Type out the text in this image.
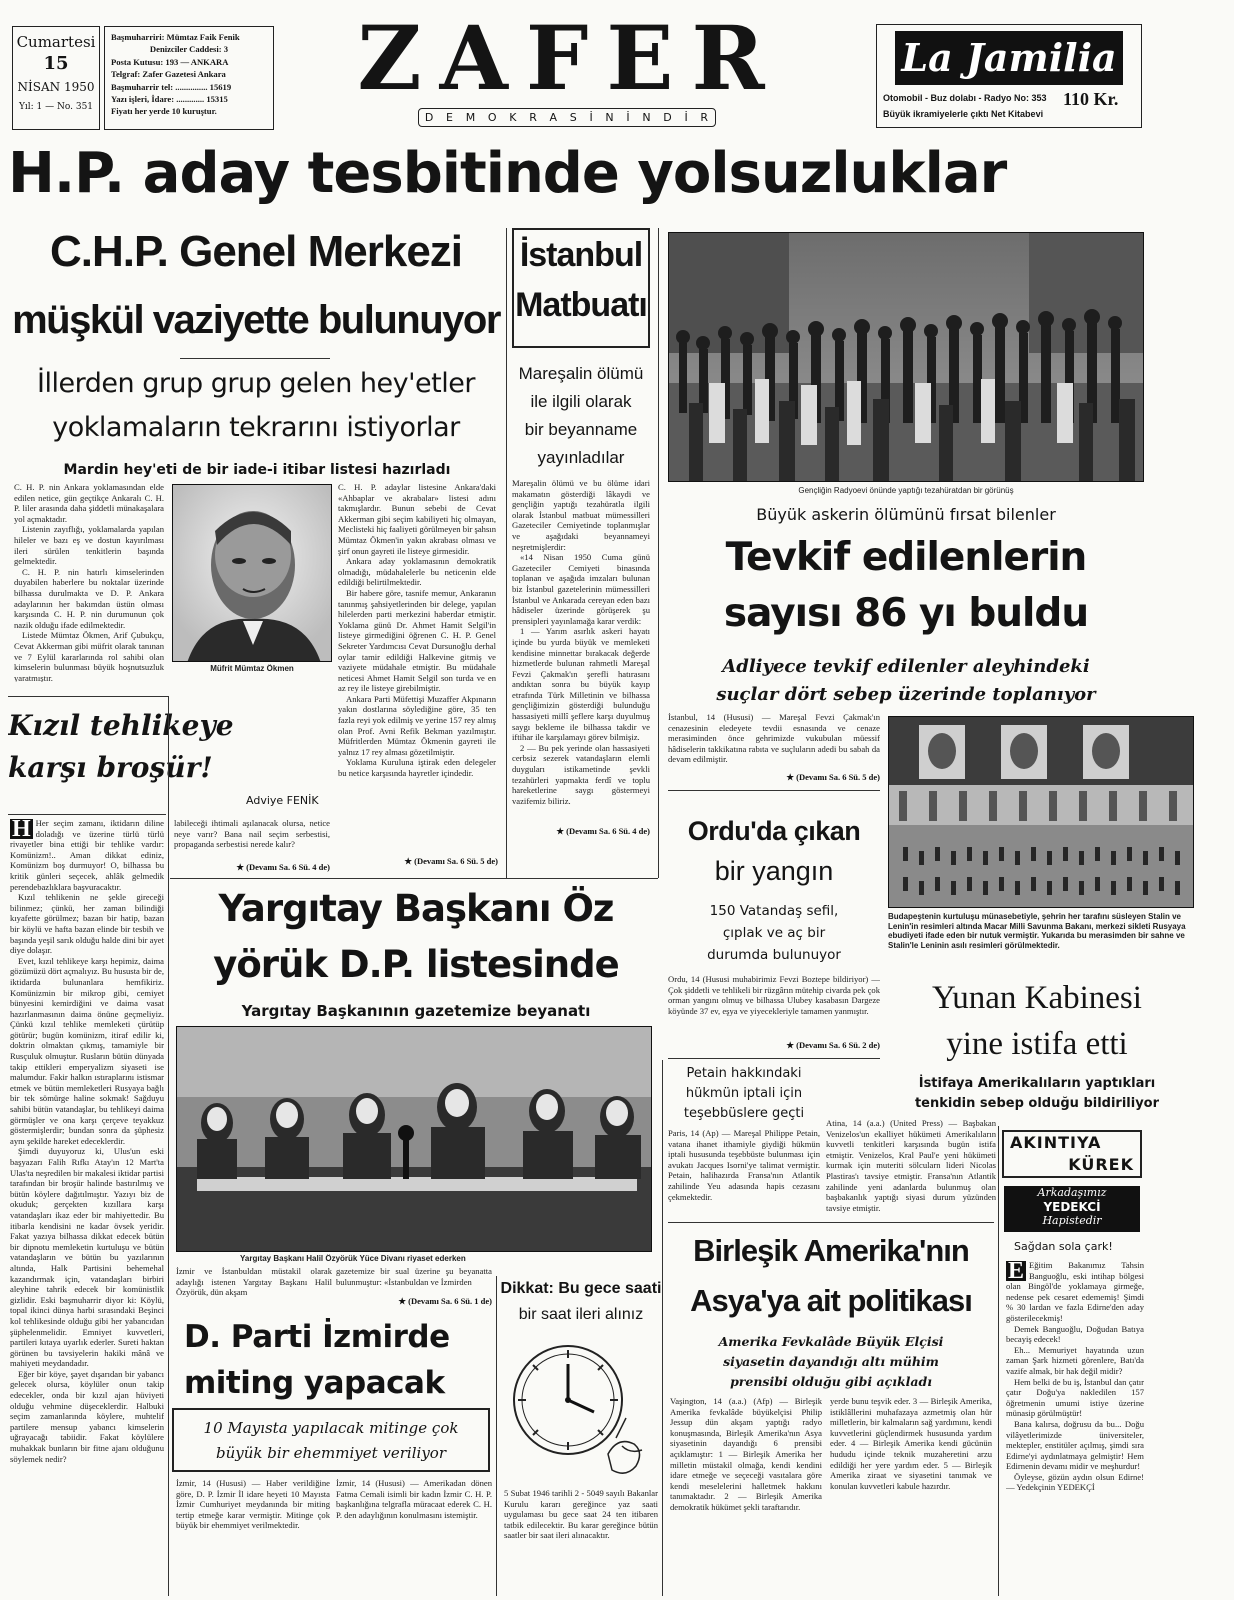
Cumartesi
15
NİSAN 1950
Yıl: 1 — No. 351
Başmuharriri: Mümtaz Faik Fenik
Denizciler Caddesi: 3
Posta Kutusu: 193 — ANKARA
Telgraf: Zafer Gazetesi Ankara
Başmuharrir tel: ............... 15619
Yazı işleri, İdare: ............. 15315
Fiyatı her yerde 10 kuruştur.
ZAFER
D E M O K R A S İ N İ N D İ R
La Jamilia
Otomobil - Buz dolabı - Radyo No: 353 110 Kr.
Büyük ikramiyelerle çıktı Net Kitabevi
H.P. aday tesbitinde yolsuzluklar
C.H.P. Genel Merkezi
müşkül vaziyette bulunuyor
İllerden grup grup gelen hey'etler
yoklamaların tekrarını istiyorlar
Mardin hey'eti de bir iade-i itibar listesi hazırladı

C. H. P. nin Ankara yoklamasından elde edilen netice, gün geçtikçe Ankaralı C. H. P. liler arasında daha şiddetli münakaşalara yol açmaktadır.

Listenin zayıflığı, yoklamalarda yapılan hileler ve bazı eş ve dostun kayırılması ileri sürülen tenkitlerin başında gelmektedir.

C. H. P. nin hatırlı kimselerinden duyabilen haberlere bu noktalar üzerinde bilhassa durulmakta ve D. P. Ankara adaylarının her bakımdan üstün olması karşısında C. H. P. nin durumunun çok nazik olduğu ifade edilmektedir.

Listede Mümtaz Ökmen, Arif Çubukçu, Cevat Akkerman gibi müfrit olarak tanınan ve 7 Eylül kararlarında rol sahibi olan kimselerin bulunması büyük hoşnutsuzluk yaratmıştır.

Müfrit Mümtaz Ökmen

C. H. P. adaylar listesine Ankara'daki «Ahbaplar ve akrabalar» listesi adını takmışlardır. Bunun sebebi de Cevat Akkerman gibi seçim kabiliyeti hiç olmayan, Meclisteki hiç faaliyeti görülmeyen bir şahsın Mümtaz Ökmen'in yakın akrabası olması ve şirf onun gayreti ile listeye girmesidir.

Ankara aday yoklamasının demokratik olmadığı, müdahalelerle bu neticenin elde edildiği belirtilmektedir.

Bir habere göre, tasnife memur, Ankaranın tanınmış şahsiyetlerinden bir delege, yapılan hilelerden parti merkezini haberdar etmiştir. Yoklama günü Dr. Ahmet Hamit Selgil'in listeye girmediğini öğrenen C. H. P. Genel Sekreter Yardımcısı Cevat Dursunoğlu derhal oylar tamir edildiği Halkevine gitmiş ve vaziyete müdahale etmiştir. Bu müdahale neticesi Ahmet Hamit Selgil son turda ve en az rey ile listeye girebilmiştir.

Ankara Parti Müfettişi Muzaffer Akpınarın yakın dostlarına söylediğine göre, 35 ten fazla reyi yok edilmiş ve yerine 157 rey almış olan Prof. Avni Refik Bekman yazılmıştır. Müfritlerden Mümtaz Ökmenin gayreti ile yalnız 17 rey alması gözetilmiştir.

Yoklama Kuruluna iştirak eden delegeler bu netice karşısında hayretler içindedir.

★ (Devamı Sa. 6 Sü. 5 de)
İstanbul
Matbuatı
Mareşalin ölümü
ile ilgili olarak
bir beyanname
yayınladılar

Mareşalin ölümü ve bu ölüme idari makamatın gösterdiği lâkaydi ve gençliğin yaptığı tezahüratla ilgili olarak İstanbul matbuat mümessilleri Gazeteciler Cemiyetinde toplanmışlar ve aşağıdaki beyannameyi neşretmişlerdir:

«14 Nisan 1950 Cuma günü Gazeteciler Cemiyeti binasında toplanan ve aşağıda imzaları bulunan biz İstanbul gazetelerinin mümessilleri İstanbul ve Ankarada cereyan eden bazı hâdiseler üzerinde görüşerek şu prensipleri yayınlamağa karar verdik:

1 — Yarım asırlık askeri hayatı içinde bu yurda büyük ve memleketi kendisine minnettar bırakacak değerde hizmetlerde bulunan rahmetli Mareşal Fevzi Çakmak'ın şerefli hatırasını andıktan sonra bu büyük kayıp etrafında Türk Milletinin ve bilhassa gençliğimizin gösterdiği bulunduğu hassasiyeti millî şeflere karşı duyulmuş saygı bekleme ile bilhassa takdir ve iftihar ile karşılamayı görev bilmişiz.

2 — Bu pek yerinde olan hassasiyeti cerbsiz sezerek vatandaşların elemli duyguları istikametinde şevkli tezahürleri yapmakta ferdî ve toplu hareketlerine saygı göstermeyi vazifemiz biliriz.

★ (Devamı Sa. 6 Sü. 4 de)
Gençliğin Radyoevi önünde yaptığı tezahüratdan bir görünüş
Büyük askerin ölümünü fırsat bilenler
Tevkif edilenlerin
sayısı 86 yı buldu
Adliyece tevkif edilenler aleyhindeki
suçlar dört sebep üzerinde toplanıyor

İstanbul, 14 (Hususi) — Mareşal Fevzi Çakmak'ın cenazesinin eledeyete tevdii esnasında ve cenaze merasiminden önce gehrimizde vukubulan müessif hâdiselerin takkikatına rabıta ve suçluların adedi bu sabah da devam edilmiştir.

★ (Devamı Sa. 6 Sü. 5 de)
Budapeştenin kurtuluşu münasebetiyle, şehrin her tarafını süsleyen Stalin ve Lenin'in resimleri altında Macar Milli Savunma Bakanı, merkezi sikleti Rusyaya ebudiyeti ifade eden bir nutuk vermiştir. Yukarıda bu merasimden bir sahne ve Stalin'le Leninin asılı resimleri görülmektedir.
Ordu'da çıkan
bir yangın
150 Vatandaş sefil,
çıplak ve aç bir
durumda bulunuyor

Ordu, 14 (Hususi muhabirimiz Fevzi Boztepe bildiriyor) — Çok şiddetli ve tehlikeli bir rüzgârın mütehip civarda pek çok orman yangını olmuş ve bilhassa Ulubey kasabasın Dargeze köyünde 37 ev, eşya ve yiyecekleriyle tamamen yanmıştır.

★ (Devamı Sa. 6 Sü. 2 de)
Yunan Kabinesi
yine istifa etti
İstifaya Amerikalıların yaptıkları
tenkidin sebep olduğu bildiriliyor

Atina, 14 (a.a.) (United Press) — Başbakan Venizelos'un ekalliyet hükümeti Amerikalıların kuvvetli tenkitleri karşısında bugün istifa etmiştir. Venizelos, Kral Paul'e yeni hükümeti kurmak için muteriti sölcularn lideri Nicolas Plastiras'ı tavsiye etmiştir. Fransa'nın Atlantik zahilinde yeni adanlarda bulunmuş olan başbakanlık yaptığı siyasi durum yüzünden tavsiye etmiştir.

Petain hakkındaki
hükmün iptali için
teşebbüslere geçti

Paris, 14 (Ap) — Mareşal Philippe Petain, vatana ihanet ithamiyle giydiği hükmün iptali hususunda teşebbüste bulunması için avukatı Jacques Isorni'ye talimat vermiştir. Petain, halihazırda Fransa'nın Atlantik zahilinde Yeu adasında hapis cezasını çekmektedir.

AKINTIYA
KÜREK
Arkadaşımız
YEDEKCİ
Hapistedir
Sağdan sola çark!

E Eğitim Bakanımız Tahsin Banguoğlu, eski intihap bölgesi olan Bingöl'de yoklamaya girmeğe, nedense pek cesaret edememiş! Şimdi % 30 lardan ve fazla Edirne'den aday gösterilecekmiş!

Demek Banguoğlu, Doğudan Batıya becayiş edecek!

Eh... Memuriyet hayatında uzun zaman Şark hizmeti görenlere, Batı'da vazife almak, bir hak değil midir?

Hem belki de bu iş, İstanbul dan çatır çatır Doğu'ya nakledilen 157 öğretmenin umumi istiye üzerine münasip görülmüştür!

Bana kalırsa, doğrusu da bu... Doğu vilâyetlerimizde üniversiteler, mektepler, enstitüler açılmış, şimdi sıra Edirne'yi aydınlatmaya gelmiştir! Hem Edirnenin devamı midir ve meşhurdur!

Öyleyse, gözün aydın olsun Edirne! — Yedekçinin YEDEKÇİ

Birleşik Amerika'nın
Asya'ya ait politikası
Amerika Fevkalâde Büyük Elçisi
siyasetin dayandığı altı mühim
prensibi olduğu gibi açıkladı

Vaşington, 14 (a.a.) (Afp) — Birleşik Amerika fevkalâde büyükelçisi Philip Jessup dün akşam yaptığı radyo konuşmasında, Birleşik Amerika'nın Asya siyasetinin dayandığı 6 prensibi açıklamıştır: 1 — Birleşik Amerika her milletin müstakil olmağa, kendi kendini idare etmeğe ve seçeceği vasıtalara göre kendi meselelerini halletmek hakkını tanımaktadır. 2 — Birleşik Amerika demokratik hükümet şekli taraftarıdır.

yerde bunu teşvik eder. 3 — Birleşik Amerika, istiklâllerini muhafazaya azmetmiş olan hür milletlerin, bir kalmaların sağ yardımını, kendi kuvvetlerini güçlendirmek hususunda yardım eder. 4 — Birleşik Amerika kendi gücünün hududu içinde teknik muzaheretini arzu edildiği her yere yardım eder. 5 — Birleşik Amerika ziraat ve siyasetini tanımak ve konulan kuvvetleri kabule hazırdır.

Kızıl tehlikeye
karşı broşür!
Adviye FENİK

H Her seçim zamanı, iktidarın diline doladığı ve üzerine türlü türlü rivayetler bina ettiği bir tehlike vardır: Komünizm!.. Aman dikkat ediniz, Komünizm boş durmuyor! O, bilhassa bu kritik günleri seçecek, ahlâk gelmedik perendebazlıklara başvuracaktır.

Kızıl tehlikenin ne şekle gireceği bilinmez; çünkü, her zaman bilindiği kıyafette görülmez; bazan bir hatip, bazan bir köylü ve hafta bazan elinde bir tesbih ve başında yeşil sarık olduğu halde dini bir ayet diye dolaşır.

Evet, kızıl tehlikeye karşı hepimiz, daima gözümüzü dört açmalıyız. Bu hususta bir de, iktidarda bulunanlara hemfikiriz. Komünizmin bir mikrop gibi, cemiyet bünyesini kemirdiğini ve daima vasat hazırlanmasının daima önüne geçmeliyiz. Çünkü kızıl tehlike memleketi çürütüp götürür; bugün komünizm, itiraf edilir ki, doktrin olmaktan çıkmış, tamamiyle bir Rusçuluk olmuştur. Rusların bütün dünyada takip ettikleri emperyalizm siyaseti ise malumdur. Fakir halkın ıstıraplarını istismar etmek ve bütün memleketleri Rusyaya bağlı bir tek sömürge haline sokmak! Sağduyu sahibi bütün vatandaşlar, bu tehlikeyi daima görmüşler ve ona karşı çerçeve teyakkuz göstermişlerdir; bundan sonra da şüphesiz aynı şekilde hareket edeceklerdir.

Şimdi duyuyoruz ki, Ulus'un eski başyazarı Falih Rıfkı Atay'ın 12 Mart'ta Ulas'ta neşredilen bir makalesi iktidar partisi tarafından bir broşür halinde bastırılmış ve bütün köylere dağıtılmıştır. Yazıyı biz de okuduk; gerçekten kızıllara karşı vatandaşları ikaz eder bir mahiyettedir. Bu itibarla kendisini ne kadar övsek yeridir. Fakat yazıya bilhassa dikkat edecek bütün bir dipnotu memleketin kurtuluşu ve bütün vatandaşların ve bütün bu yazılarının altında, Halk Partisini behemehal kazandırmak için, vatandaşları birbiri aleyhine tahrik edecek bir komünistlik gizlidir. Eski başmuharrir diyor ki: Köylü, topal ikinci dünya harbi sırasındaki Beşinci kol tehlikesinde olduğu gibi her yabancıdan şüphelenmelidir. Emniyet kuvvetleri, partileri kıtaya uyarlık ederler. Sureti haktan görünen bu tavsiyelerin hakiki mânâ ve mahiyeti meydandadır.

Eğer bir köye, şayet dışarıdan bir yabancı gelecek olursa, köylüler onun takip edecekler, onda bir kızıl ajan hüviyeti olduğu vehmine düşeceklerdir. Halbuki seçim zamanlarında köylere, muhtelif partilere mensup yabancı kimselerin uğrayacağı tabiidir. Fakat köylülere muhakkak bunların bir fitne ajanı olduğunu söylemek nedir?

labileceği ihtimali aşılanacak olursa, netice neye varır? Bana nail seçim serbestisi, propaganda serbestisi nerede kalır?

★ (Devamı Sa. 6 Sü. 4 de)
Yargıtay Başkanı Öz
yörük D.P. listesinde
Yargıtay Başkanının gazetemize beyanatı
Yargıtay Başkanı Halil Özyörük Yüce Divanı riyaset ederken

İzmir ve İstanbuldan müstakil olarak adaylığı istenen Yargıtay Başkanı Halil Özyörük, dün akşam

gazetemize bir sual üzerine şu beyanatta bulunmuştur: «İstanbuldan ve İzmirden

★ (Devamı Sa. 6 Sü. 1 de)
D. Parti İzmirde
miting yapacak
10 Mayısta yapılacak mitinge çok
büyük bir ehemmiyet veriliyor

İzmir, 14 (Hususi) — Haber verildiğine göre, D. P. İzmir İl idare heyeti 10 Mayısta İzmir Cumhuriyet meydanında bir miting tertip etmeğe karar vermiştir. Mitinge çok büyük bir ehemmiyet verilmektedir.

İzmir, 14 (Hususi) — Amerikadan dönen Fatma Cemali isimli bir kadın İzmir C. H. P. başkanlığına telgrafla müracaat ederek C. H. P. den adaylığının konulmasını istemiştir.

Dikkat: Bu gece saati
bir saat ileri alınız

5 Subat 1946 tarihli 2 - 5049 sayılı Bakanlar Kurulu kararı gereğince yaz saati uygulaması bu gece saat 24 ten itibaren tatbik edilecektir. Bu karar gereğince bütün saatler bir saat ileri alınacaktır.
